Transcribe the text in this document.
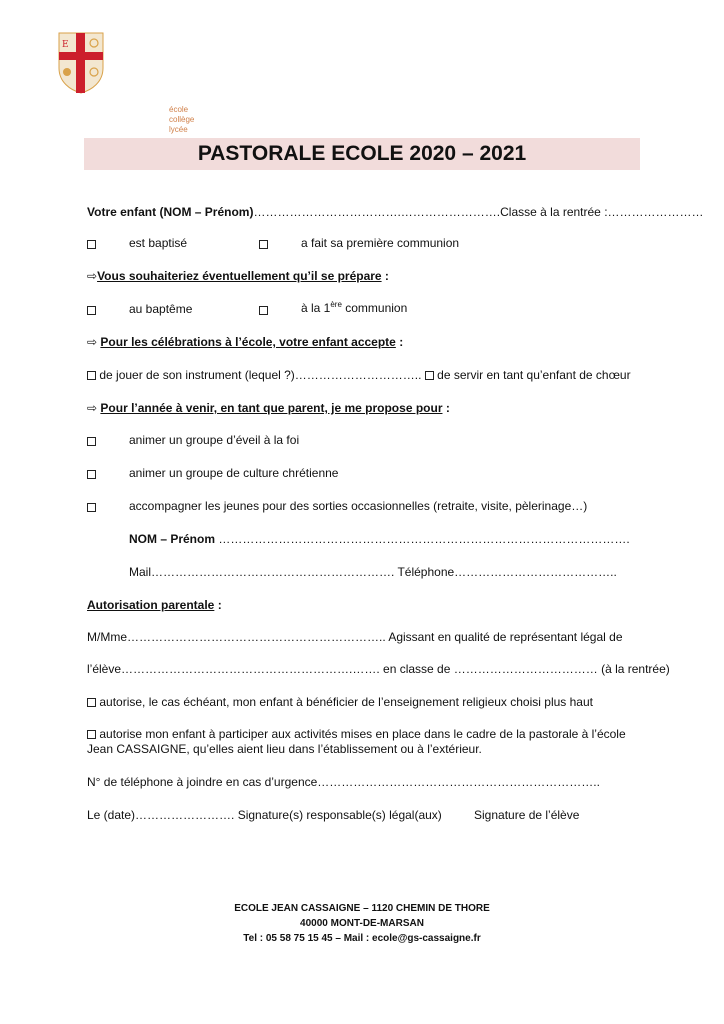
E
école
collège
lycée
PASTORALE ECOLE 2020 – 2021
Votre enfant (NOM – Prénom)……………………………….…………………….Classe à la rentrée :……………………
est baptisé	a fait sa première communion
⇨Vous souhaiteriez éventuellement qu’il se prépare :
au baptême	à la 1ère communion
⇨ Pour les célébrations à l’école, votre enfant accepte :
de jouer de son instrument (lequel ?)…………………………..  de servir en tant qu’enfant de chœur
⇨ Pour l’année à venir, en tant que parent, je me propose pour :
animer un groupe d’éveil à la foi
animer un groupe de culture chrétienne
accompagner les jeunes pour des sorties occasionnelles (retraite, visite, pèlerinage…)
NOM – Prénom ………………………………………………………………………………………….
Mail……………………………………………………. Téléphone…………………………………..
Autorisation parentale :
M/Mme……………………………………………………….. Agissant en qualité de représentant légal de
l’élève………………………………………………….……. en classe de ……………………………… (à la rentrée)
autorise, le cas échéant, mon enfant à bénéficier de l’enseignement religieux choisi plus haut
autorise mon enfant à participer aux activités mises en place dans le cadre de la pastorale à l’école
Jean CASSAIGNE, qu’elles aient lieu dans l’établissement ou à l’extérieur.
N° de téléphone à joindre en cas d’urgence……………………………………………………………..
Le (date)……………………. Signature(s) responsable(s) légal(aux)	Signature de l’élève
ECOLE JEAN CASSAIGNE – 1120 CHEMIN DE THORE
40000 MONT-DE-MARSAN
Tel : 05 58 75 15 45 – Mail : ecole@gs-cassaigne.fr
